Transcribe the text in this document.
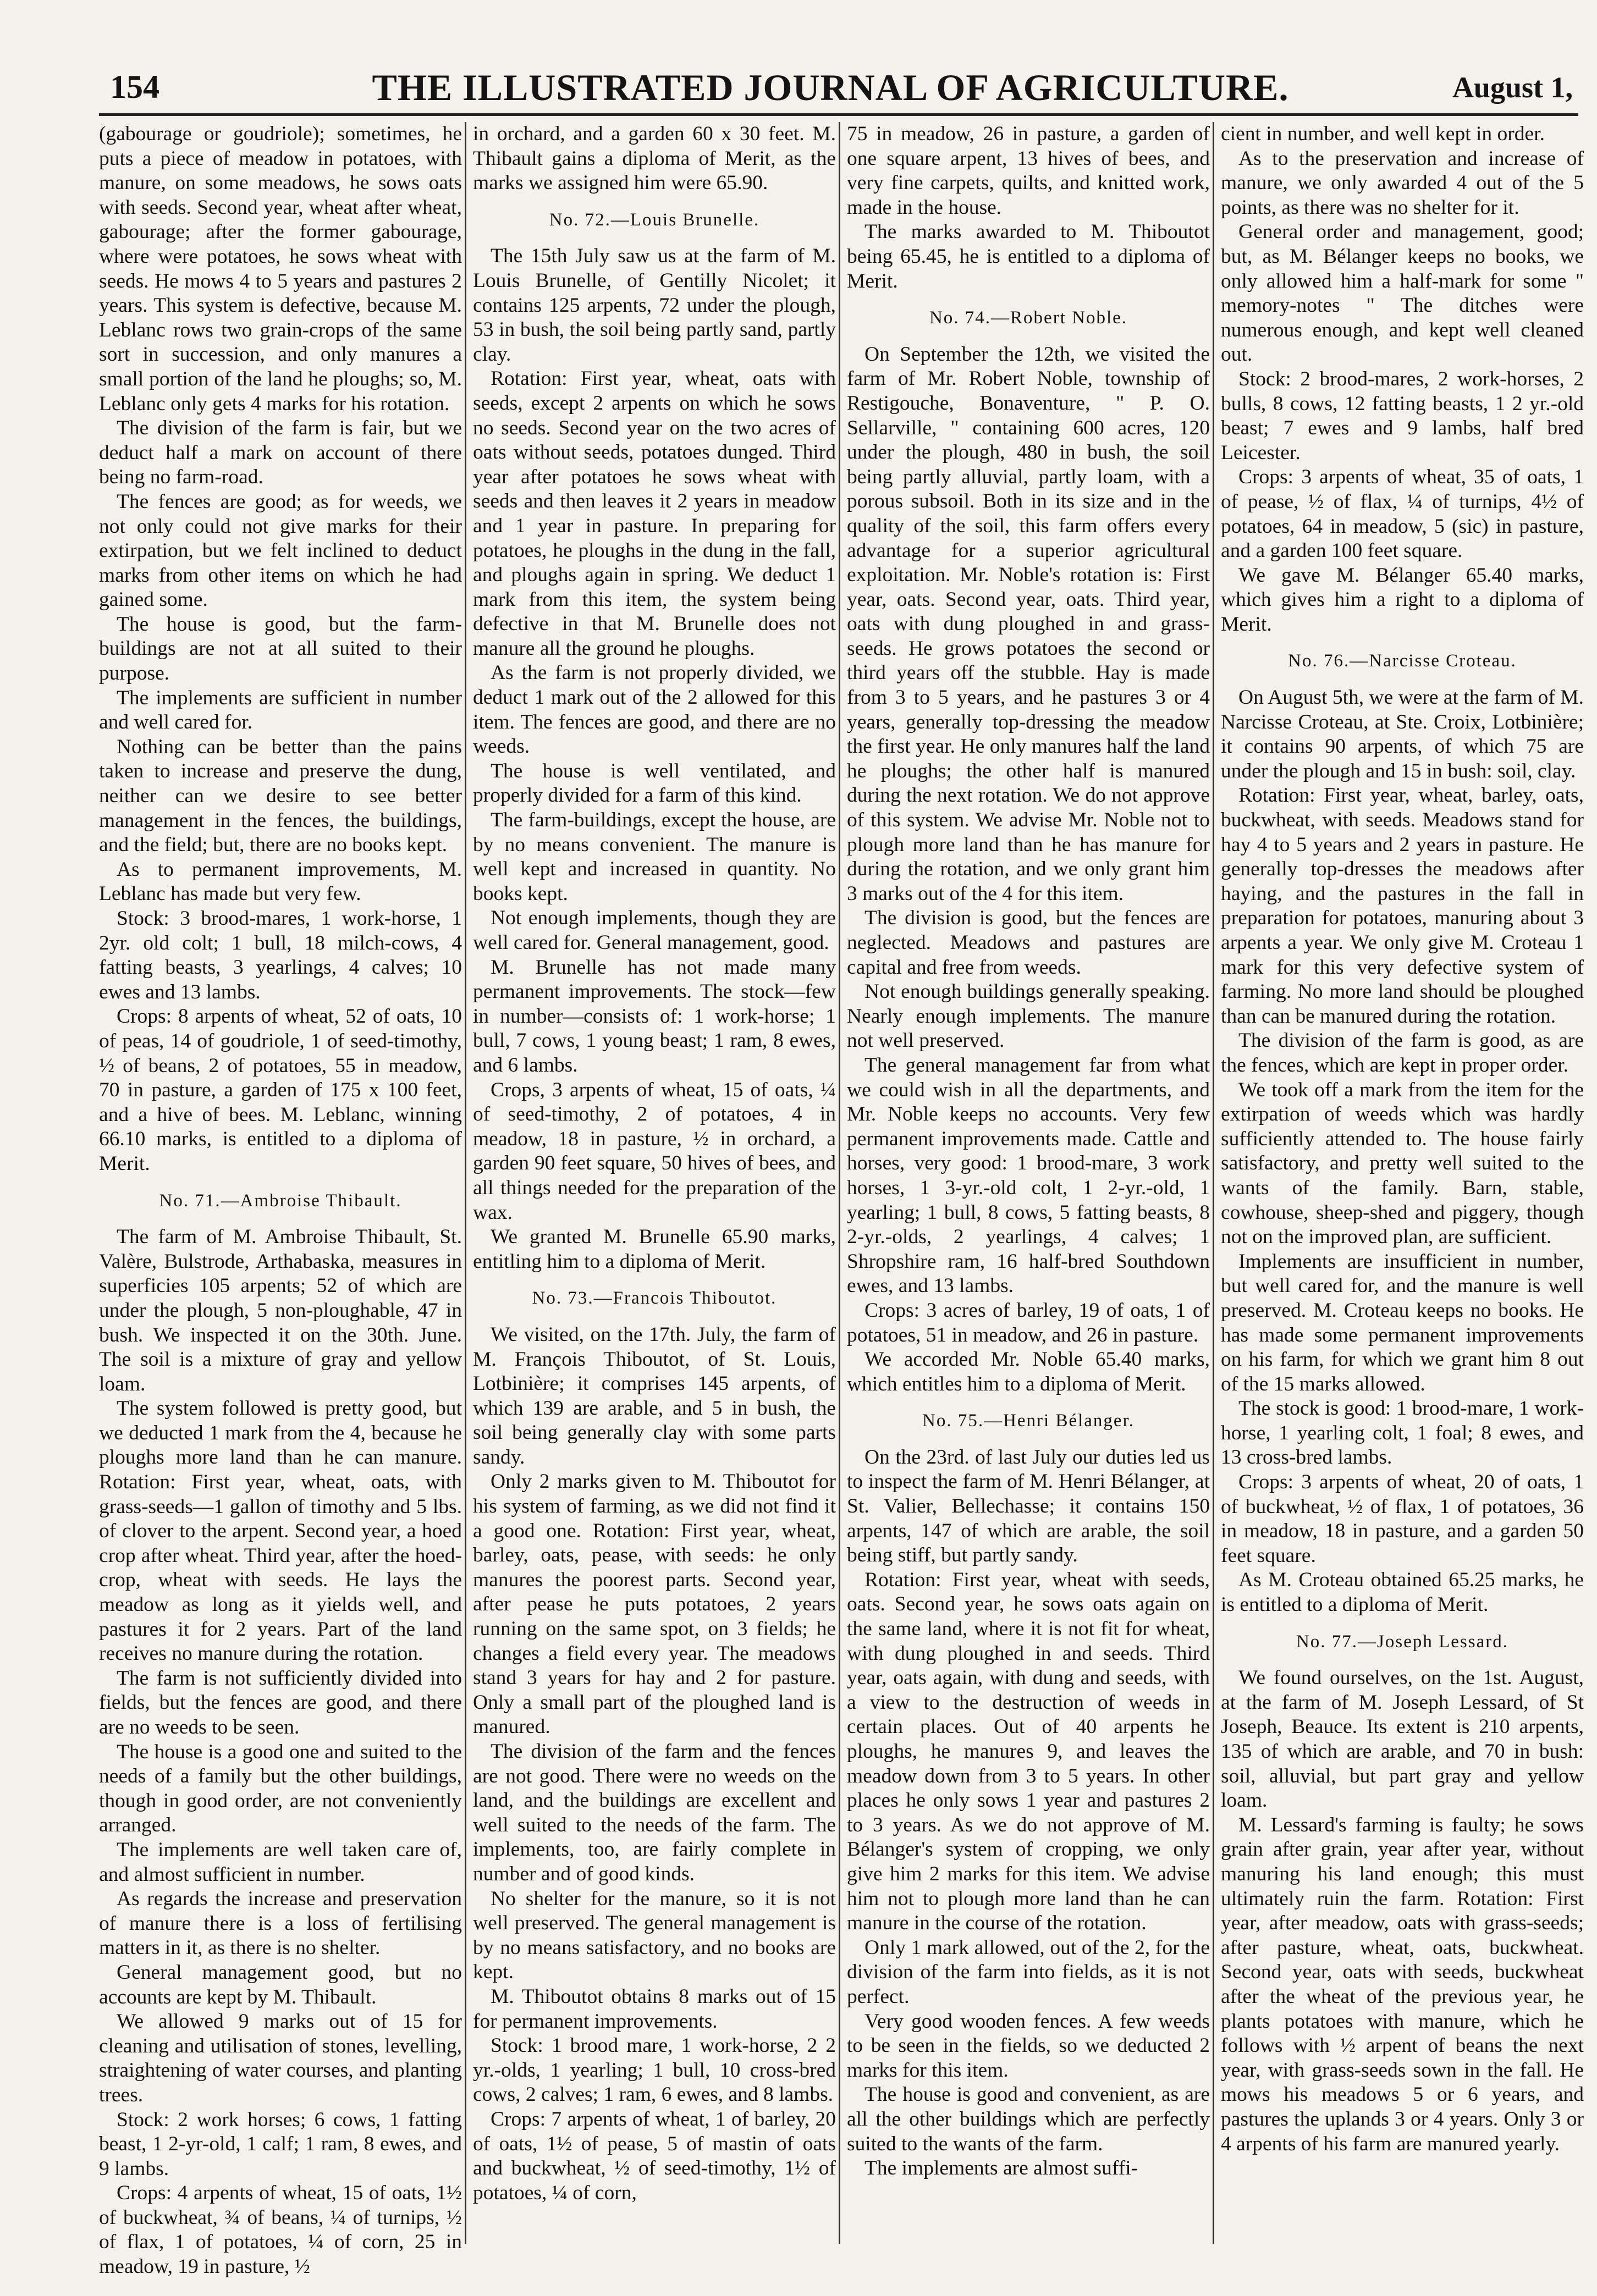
154	THE ILLUSTRATED JOURNAL OF AGRICULTURE.	August 1,

(gabourage or goudriole); sometimes, he puts a piece of meadow in potatoes, with manure, on some meadows, he sows oats with seeds. Second year, wheat after wheat, gabourage; after the former gabourage, where were potatoes, he sows wheat with seeds. He mows 4 to 5 years and pastures 2 years. This system is defective, because M. Leblanc rows two grain-crops of the same sort in succession, and only manures a small portion of the land he ploughs; so, M. Leblanc only gets 4 marks for his rotation.

The division of the farm is fair, but we deduct half a mark on account of there being no farm-road.

The fences are good; as for weeds, we not only could not give marks for their extirpation, but we felt inclined to deduct marks from other items on which he had gained some.

The house is good, but the farm-buildings are not at all suited to their purpose.

The implements are sufficient in number and well cared for.

Nothing can be better than the pains taken to increase and preserve the dung, neither can we desire to see better management in the fences, the buildings, and the field; but, there are no books kept.

As to permanent improvements, M. Leblanc has made but very few.

Stock: 3 brood-mares, 1 work-horse, 1 2yr. old colt; 1 bull, 18 milch-cows, 4 fatting beasts, 3 yearlings, 4 calves; 10 ewes and 13 lambs.

Crops: 8 arpents of wheat, 52 of oats, 10 of peas, 14 of goudriole, 1 of seed-timothy, ½ of beans, 2 of potatoes, 55 in meadow, 70 in pasture, a garden of 175 x 100 feet, and a hive of bees. M. Leblanc, winning 66.10 marks, is entitled to a diploma of Merit.

No. 71.—Ambroise Thibault.

The farm of M. Ambroise Thibault, St. Valère, Bulstrode, Arthabaska, measures in superficies 105 arpents; 52 of which are under the plough, 5 non-ploughable, 47 in bush. We inspected it on the 30th. June. The soil is a mixture of gray and yellow loam.

The system followed is pretty good, but we deducted 1 mark from the 4, because he ploughs more land than he can manure. Rotation: First year, wheat, oats, with grass-seeds—1 gallon of timothy and 5 lbs. of clover to the arpent. Second year, a hoed crop after wheat. Third year, after the hoed-crop, wheat with seeds. He lays the meadow as long as it yields well, and pastures it for 2 years. Part of the land receives no manure during the rotation.

The farm is not sufficiently divided into fields, but the fences are good, and there are no weeds to be seen.

The house is a good one and suited to the needs of a family but the other buildings, though in good order, are not conveniently arranged.

The implements are well taken care of, and almost sufficient in number.

As regards the increase and preservation of manure there is a loss of fertilising matters in it, as there is no shelter.

General management good, but no accounts are kept by M. Thibault.

We allowed 9 marks out of 15 for cleaning and utilisation of stones, levelling, straightening of water courses, and planting trees.

Stock: 2 work horses; 6 cows, 1 fatting beast, 1 2-yr-old, 1 calf; 1 ram, 8 ewes, and 9 lambs.

Crops: 4 arpents of wheat, 15 of oats, 1½ of buckwheat, ¾ of beans, ¼ of turnips, ½ of flax, 1 of potatoes, ¼ of corn, 25 in meadow, 19 in pasture, ½

in orchard, and a garden 60 x 30 feet. M. Thibault gains a diploma of Merit, as the marks we assigned him were 65.90.

No. 72.—Louis Brunelle.

The 15th July saw us at the farm of M. Louis Brunelle, of Gentilly Nicolet; it contains 125 arpents, 72 under the plough, 53 in bush, the soil being partly sand, partly clay.

Rotation: First year, wheat, oats with seeds, except 2 arpents on which he sows no seeds. Second year on the two acres of oats without seeds, potatoes dunged. Third year after potatoes he sows wheat with seeds and then leaves it 2 years in meadow and 1 year in pasture. In preparing for potatoes, he ploughs in the dung in the fall, and ploughs again in spring. We deduct 1 mark from this item, the system being defective in that M. Brunelle does not manure all the ground he ploughs.

As the farm is not properly divided, we deduct 1 mark out of the 2 allowed for this item. The fences are good, and there are no weeds.

The house is well ventilated, and properly divided for a farm of this kind.

The farm-buildings, except the house, are by no means convenient. The manure is well kept and increased in quantity. No books kept.

Not enough implements, though they are well cared for. General management, good.

M. Brunelle has not made many permanent improvements. The stock—few in number—consists of: 1 work-horse; 1 bull, 7 cows, 1 young beast; 1 ram, 8 ewes, and 6 lambs.

Crops, 3 arpents of wheat, 15 of oats, ¼ of seed-timothy, 2 of potatoes, 4 in meadow, 18 in pasture, ½ in orchard, a garden 90 feet square, 50 hives of bees, and all things needed for the preparation of the wax.

We granted M. Brunelle 65.90 marks, entitling him to a diploma of Merit.

No. 73.—Francois Thiboutot.

We visited, on the 17th. July, the farm of M. François Thiboutot, of St. Louis, Lotbinière; it comprises 145 arpents, of which 139 are arable, and 5 in bush, the soil being generally clay with some parts sandy.

Only 2 marks given to M. Thiboutot for his system of farming, as we did not find it a good one. Rotation: First year, wheat, barley, oats, pease, with seeds: he only manures the poorest parts. Second year, after pease he puts potatoes, 2 years running on the same spot, on 3 fields; he changes a field every year. The meadows stand 3 years for hay and 2 for pasture. Only a small part of the ploughed land is manured.

The division of the farm and the fences are not good. There were no weeds on the land, and the buildings are excellent and well suited to the needs of the farm. The implements, too, are fairly complete in number and of good kinds.

No shelter for the manure, so it is not well preserved. The general management is by no means satisfactory, and no books are kept.

M. Thiboutot obtains 8 marks out of 15 for permanent improvements.

Stock: 1 brood mare, 1 work-horse, 2 2 yr.-olds, 1 yearling; 1 bull, 10 cross-bred cows, 2 calves; 1 ram, 6 ewes, and 8 lambs.

Crops: 7 arpents of wheat, 1 of barley, 20 of oats, 1½ of pease, 5 of mastin of oats and buckwheat, ½ of seed-timothy, 1½ of potatoes, ¼ of corn,

75 in meadow, 26 in pasture, a garden of one square arpent, 13 hives of bees, and very fine carpets, quilts, and knitted work, made in the house.

The marks awarded to M. Thiboutot being 65.45, he is entitled to a diploma of Merit.

No. 74.—Robert Noble.

On September the 12th, we visited the farm of Mr. Robert Noble, township of Restigouche, Bonaventure, " P. O. Sellarville, " containing 600 acres, 120 under the plough, 480 in bush, the soil being partly alluvial, partly loam, with a porous subsoil. Both in its size and in the quality of the soil, this farm offers every advantage for a superior agricultural exploitation. Mr. Noble's rotation is: First year, oats. Second year, oats. Third year, oats with dung ploughed in and grass-seeds. He grows potatoes the second or third years off the stubble. Hay is made from 3 to 5 years, and he pastures 3 or 4 years, generally top-dressing the meadow the first year. He only manures half the land he ploughs; the other half is manured during the next rotation. We do not approve of this system. We advise Mr. Noble not to plough more land than he has manure for during the rotation, and we only grant him 3 marks out of the 4 for this item.

The division is good, but the fences are neglected. Meadows and pastures are capital and free from weeds.

Not enough buildings generally speaking. Nearly enough implements. The manure not well preserved.

The general management far from what we could wish in all the departments, and Mr. Noble keeps no accounts. Very few permanent improvements made. Cattle and horses, very good: 1 brood-mare, 3 work horses, 1 3-yr.-old colt, 1 2-yr.-old, 1 yearling; 1 bull, 8 cows, 5 fatting beasts, 8 2-yr.-olds, 2 yearlings, 4 calves; 1 Shropshire ram, 16 half-bred Southdown ewes, and 13 lambs.

Crops: 3 acres of barley, 19 of oats, 1 of potatoes, 51 in meadow, and 26 in pasture.

We accorded Mr. Noble 65.40 marks, which entitles him to a diploma of Merit.

No. 75.—Henri Bélanger.

On the 23rd. of last July our duties led us to inspect the farm of M. Henri Bélanger, at St. Valier, Bellechasse; it contains 150 arpents, 147 of which are arable, the soil being stiff, but partly sandy.

Rotation: First year, wheat with seeds, oats. Second year, he sows oats again on the same land, where it is not fit for wheat, with dung ploughed in and seeds. Third year, oats again, with dung and seeds, with a view to the destruction of weeds in certain places. Out of 40 arpents he ploughs, he manures 9, and leaves the meadow down from 3 to 5 years. In other places he only sows 1 year and pastures 2 to 3 years. As we do not approve of M. Bélanger's system of cropping, we only give him 2 marks for this item. We advise him not to plough more land than he can manure in the course of the rotation.

Only 1 mark allowed, out of the 2, for the division of the farm into fields, as it is not perfect.

Very good wooden fences. A few weeds to be seen in the fields, so we deducted 2 marks for this item.

The house is good and convenient, as are all the other buildings which are perfectly suited to the wants of the farm.

The implements are almost suffi-

cient in number, and well kept in order.

As to the preservation and increase of manure, we only awarded 4 out of the 5 points, as there was no shelter for it.

General order and management, good; but, as M. Bélanger keeps no books, we only allowed him a half-mark for some " memory-notes " The ditches were numerous enough, and kept well cleaned out.

Stock: 2 brood-mares, 2 work-horses, 2 bulls, 8 cows, 12 fatting beasts, 1 2 yr.-old beast; 7 ewes and 9 lambs, half bred Leicester.

Crops: 3 arpents of wheat, 35 of oats, 1 of pease, ½ of flax, ¼ of turnips, 4½ of potatoes, 64 in meadow, 5 (sic) in pasture, and a garden 100 feet square.

We gave M. Bélanger 65.40 marks, which gives him a right to a diploma of Merit.

No. 76.—Narcisse Croteau.

On August 5th, we were at the farm of M. Narcisse Croteau, at Ste. Croix, Lotbinière; it contains 90 arpents, of which 75 are under the plough and 15 in bush: soil, clay.

Rotation: First year, wheat, barley, oats, buckwheat, with seeds. Meadows stand for hay 4 to 5 years and 2 years in pasture. He generally top-dresses the meadows after haying, and the pastures in the fall in preparation for potatoes, manuring about 3 arpents a year. We only give M. Croteau 1 mark for this very defective system of farming. No more land should be ploughed than can be manured during the rotation.

The division of the farm is good, as are the fences, which are kept in proper order.

We took off a mark from the item for the extirpation of weeds which was hardly sufficiently attended to. The house fairly satisfactory, and pretty well suited to the wants of the family. Barn, stable, cowhouse, sheep-shed and piggery, though not on the improved plan, are sufficient.

Implements are insufficient in number, but well cared for, and the manure is well preserved. M. Croteau keeps no books. He has made some permanent improvements on his farm, for which we grant him 8 out of the 15 marks allowed.

The stock is good: 1 brood-mare, 1 work-horse, 1 yearling colt, 1 foal; 8 ewes, and 13 cross-bred lambs.

Crops: 3 arpents of wheat, 20 of oats, 1 of buckwheat, ½ of flax, 1 of potatoes, 36 in meadow, 18 in pasture, and a garden 50 feet square.

As M. Croteau obtained 65.25 marks, he is entitled to a diploma of Merit.

No. 77.—Joseph Lessard.

We found ourselves, on the 1st. August, at the farm of M. Joseph Lessard, of St Joseph, Beauce. Its extent is 210 arpents, 135 of which are arable, and 70 in bush: soil, alluvial, but part gray and yellow loam.

M. Lessard's farming is faulty; he sows grain after grain, year after year, without manuring his land enough; this must ultimately ruin the farm. Rotation: First year, after meadow, oats with grass-seeds; after pasture, wheat, oats, buckwheat. Second year, oats with seeds, buckwheat after the wheat of the previous year, he plants potatoes with manure, which he follows with ½ arpent of beans the next year, with grass-seeds sown in the fall. He mows his meadows 5 or 6 years, and pastures the uplands 3 or 4 years. Only 3 or 4 arpents of his farm are manured yearly.
